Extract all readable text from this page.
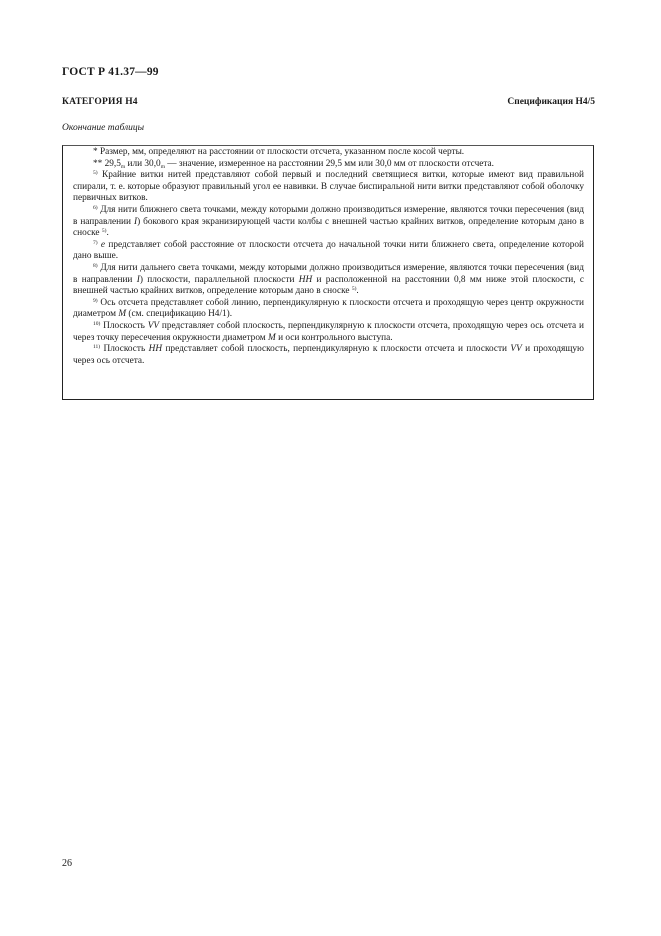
ГОСТ Р 41.37—99
КАТЕГОРИЯ Н4	Спецификация Н4/5
Окончание таблицы

* Размер, мм, определяют на расстоянии от плоскости отсчета, указанном после косой черты.

** $29,5_m$ или $30,0_m$ — значение, измеренное на расстоянии 29,5 мм или 30,0 мм от плоскости отсчета.

$^{5)}$ Крайние витки нитей представляют собой первый и последний светящиеся витки, которые имеют вид правильной спирали, т. е. которые образуют правильный угол ее навивки. В случае биспиральной нити витки представляют собой оболочку первичных витков.

$^{6)}$ Для нити ближнего света точками, между которыми должно производиться измерение, являются точки пересечения (вид в направлении I) бокового края экранизирующей части колбы с внешней частью крайних витков, определение которым дано в сноске $^{5)}$.

$^{7)}$ e представляет собой расстояние от плоскости отсчета до начальной точки нити ближнего света, определение которой дано выше.

$^{8)}$ Для нити дальнего света точками, между которыми должно производиться измерение, являются точки пересечения (вид в направлении I) плоскости, параллельной плоскости НН и расположенной на расстоянии 0,8 мм ниже этой плоскости, с внешней частью крайних витков, определение которым дано в сноске $^{5)}$.

$^{9)}$ Ось отсчета представляет собой линию, перпендикулярную к плоскости отсчета и проходящую через центр окружности диаметром М (см. спецификацию Н4/1).

$^{10)}$ Плоскость VV представляет собой плоскость, перпендикулярную к плоскости отсчета, проходящую через ось отсчета и через точку пересечения окружности диаметром М и оси контрольного выступа.

$^{11)}$ Плоскость НН представляет собой плоскость, перпендикулярную к плоскости отсчета и плоскости VV и проходящую через ось отсчета.

26
